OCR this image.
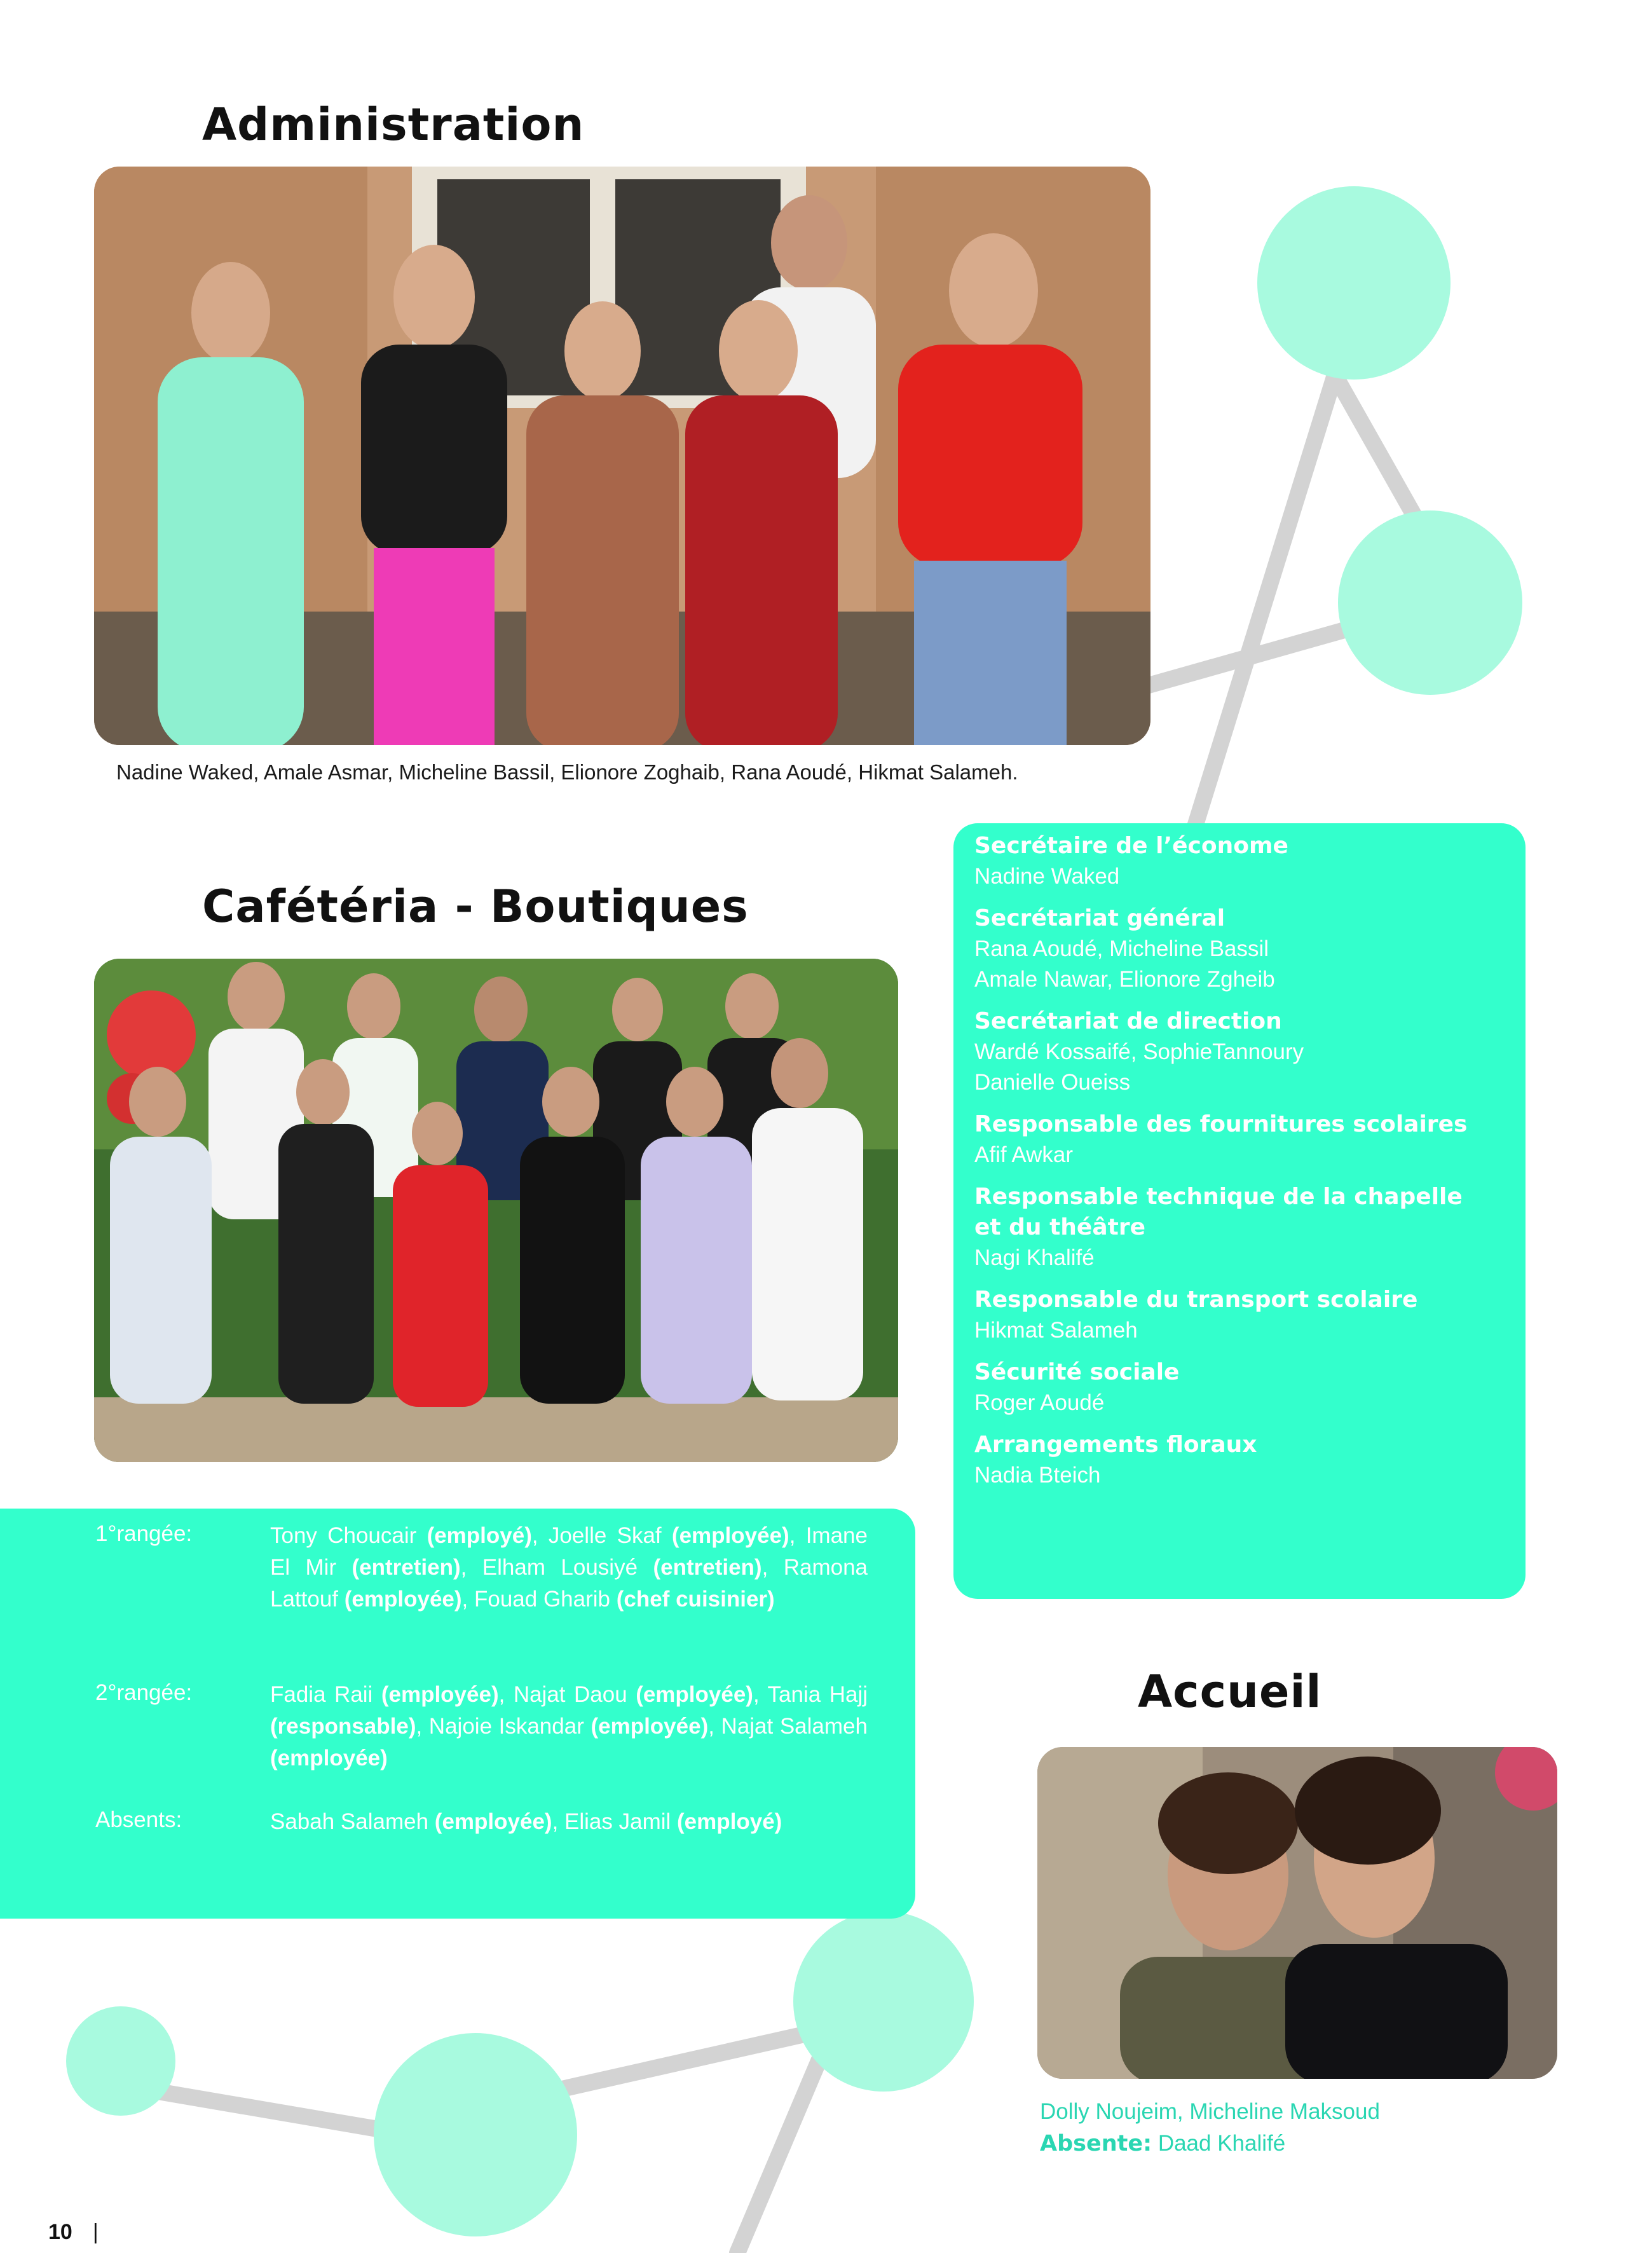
Administration
Nadine Waked, Amale Asmar, Micheline Bassil, Elionore Zoghaib, Rana Aoudé, Hikmat Salameh.
Secrétaire de l’économe
Nadine Waked
Secrétariat général
Rana Aoudé, Micheline Bassil
Amale Nawar, Elionore Zgheib
Secrétariat de direction
Wardé Kossaifé, SophieTannoury
Danielle Oueiss
Responsable des fournitures scolaires
Afif Awkar
Responsable technique de la chapelle
et du théâtre
Nagi Khalifé
Responsable du transport scolaire
Hikmat Salameh
Sécurité sociale
Roger Aoudé
Arrangements floraux
Nadia Bteich
Cafétéria - Boutiques
1°rangée:	Tony Choucair (employé), Joelle Skaf (employée), Imane El Mir (entretien), Elham Lousiyé (entretien), Ramona Lattouf (employée), Fouad Gharib (chef cuisinier)
2°rangée:	Fadia Raii (employée), Najat Daou (employée), Tania Hajj (responsable), Najoie Iskandar (employée), Najat Salameh (employée)
Absents:	Sabah Salameh (employée), Elias Jamil (employé)
Accueil
Dolly Noujeim, Micheline Maksoud
Absente: Daad Khalifé
10 |
